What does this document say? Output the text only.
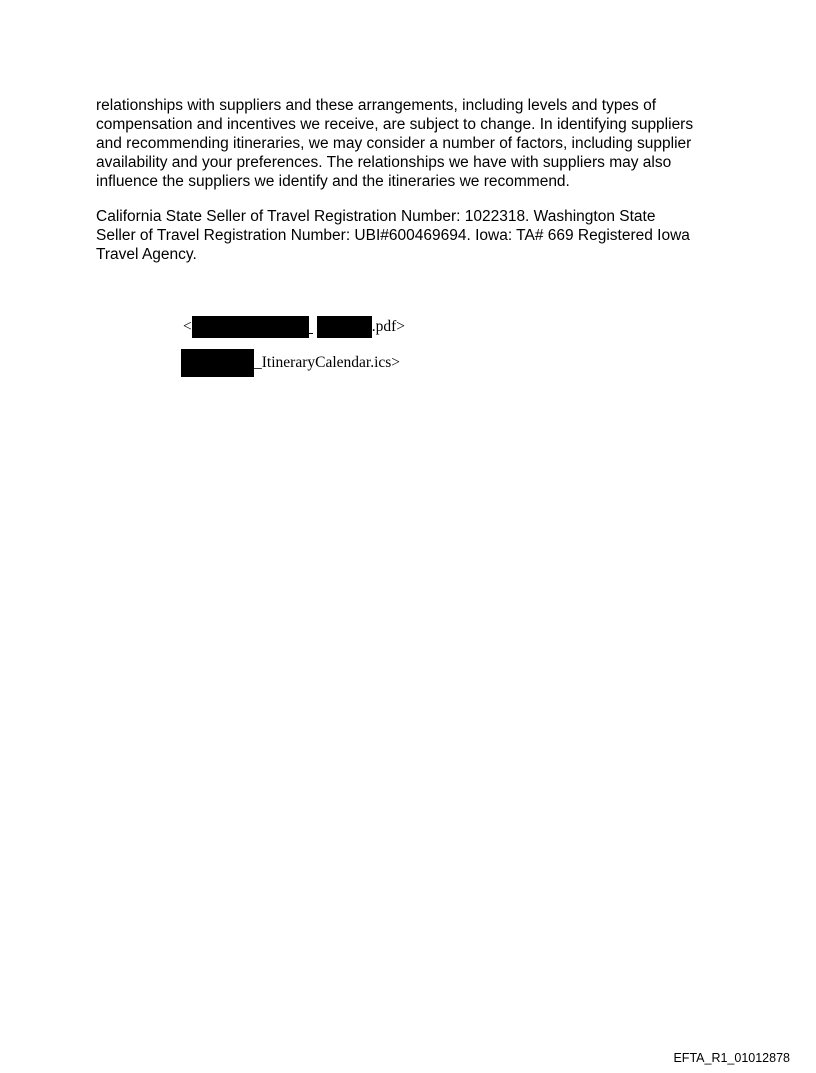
relationships with suppliers and these arrangements, including levels and types of
compensation and incentives we receive, are subject to change. In identifying suppliers
and recommending itineraries, we may consider a number of factors, including supplier
availability and your preferences. The relationships we have with suppliers may also
influence the suppliers we identify and the itineraries we recommend.
California State Seller of Travel Registration Number: 1022318. Washington State
Seller of Travel Registration Number: UBI#600469694. Iowa: TA# 669 Registered Iowa
Travel Agency.
<	.pdf>
_ItineraryCalendar.ics>
EFTA_R1_01012878
